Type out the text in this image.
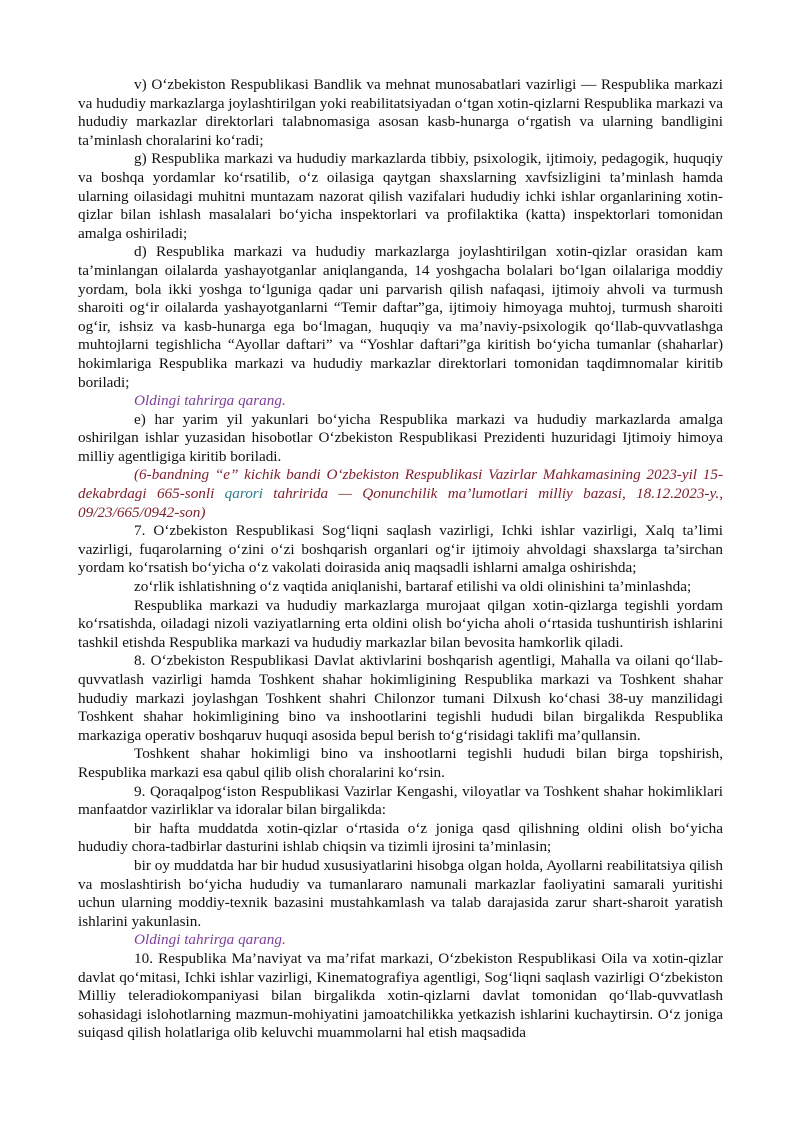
v) O‘zbekiston Respublikasi Bandlik va mehnat munosabatlari vazirligi — Respublika markazi va hududiy markazlarga joylashtirilgan yoki reabilitatsiyadan o‘tgan xotin-qizlarni Respublika markazi va hududiy markazlar direktorlari talabnomasiga asosan kasb-hunarga o‘rgatish va ularning bandligini ta’minlash choralarini ko‘radi;

g) Respublika markazi va hududiy markazlarda tibbiy, psixologik, ijtimoiy, pedagogik, huquqiy va boshqa yordamlar ko‘rsatilib, o‘z oilasiga qaytgan shaxslarning xavfsizligini ta’minlash hamda ularning oilasidagi muhitni muntazam nazorat qilish vazifalari hududiy ichki ishlar organlarining xotin-qizlar bilan ishlash masalalari bo‘yicha inspektorlari va profilaktika (katta) inspektorlari tomonidan amalga oshiriladi;

d) Respublika markazi va hududiy markazlarga joylashtirilgan xotin-qizlar orasidan kam ta’minlangan oilalarda yashayotganlar aniqlanganda, 14 yoshgacha bolalari bo‘lgan oilalariga moddiy yordam, bola ikki yoshga to‘lguniga qadar uni parvarish qilish nafaqasi, ijtimoiy ahvoli va turmush sharoiti og‘ir oilalarda yashayotganlarni “Temir daftar”ga, ijtimoiy himoyaga muhtoj, turmush sharoiti og‘ir, ishsiz va kasb-hunarga ega bo‘lmagan, huquqiy va ma’naviy-psixologik qo‘llab-quvvatlashga muhtojlarni tegishlicha “Ayollar daftari” va “Yoshlar daftari”ga kiritish bo‘yicha tumanlar (shaharlar) hokimlariga Respublika markazi va hududiy markazlar direktorlari tomonidan taqdimnomalar kiritib boriladi;

Oldingi tahrirga qarang.

e) har yarim yil yakunlari bo‘yicha Respublika markazi va hududiy markazlarda amalga oshirilgan ishlar yuzasidan hisobotlar O‘zbekiston Respublikasi Prezidenti huzuridagi Ijtimoiy himoya milliy agentligiga kiritib boriladi.

(6-bandning “e” kichik bandi O‘zbekiston Respublikasi Vazirlar Mahkamasining 2023-yil 15-dekabrdagi 665-sonli qarori tahririda — Qonunchilik ma’lumotlari milliy bazasi, 18.12.2023-y., 09/23/665/0942-son)

7. O‘zbekiston Respublikasi Sog‘liqni saqlash vazirligi, Ichki ishlar vazirligi, Xalq ta’limi vazirligi, fuqarolarning o‘zini o‘zi boshqarish organlari og‘ir ijtimoiy ahvoldagi shaxslarga ta’sirchan yordam ko‘rsatish bo‘yicha o‘z vakolati doirasida aniq maqsadli ishlarni amalga oshirishda;

zo‘rlik ishlatishning o‘z vaqtida aniqlanishi, bartaraf etilishi va oldi olinishini ta’minlashda;

Respublika markazi va hududiy markazlarga murojaat qilgan xotin-qizlarga tegishli yordam ko‘rsatishda, oiladagi nizoli vaziyatlarning erta oldini olish bo‘yicha aholi o‘rtasida tushuntirish ishlarini tashkil etishda Respublika markazi va hududiy markazlar bilan bevosita hamkorlik qiladi.

8. O‘zbekiston Respublikasi Davlat aktivlarini boshqarish agentligi, Mahalla va oilani qo‘llab-quvvatlash vazirligi hamda Toshkent shahar hokimligining Respublika markazi va Toshkent shahar hududiy markazi joylashgan Toshkent shahri Chilonzor tumani Dilxush ko‘chasi 38-uy manzilidagi Toshkent shahar hokimligining bino va inshootlarini tegishli hududi bilan birgalikda Respublika markaziga operativ boshqaruv huquqi asosida bepul berish to‘g‘risidagi taklifi ma’qullansin.

Toshkent shahar hokimligi bino va inshootlarni tegishli hududi bilan birga topshirish, Respublika markazi esa qabul qilib olish choralarini ko‘rsin.

9. Qoraqalpog‘iston Respublikasi Vazirlar Kengashi, viloyatlar va Toshkent shahar hokimliklari manfaatdor vazirliklar va idoralar bilan birgalikda:

bir hafta muddatda xotin-qizlar o‘rtasida o‘z joniga qasd qilishning oldini olish bo‘yicha hududiy chora-tadbirlar dasturini ishlab chiqsin va tizimli ijrosini ta’minlasin;

bir oy muddatda har bir hudud xususiyatlarini hisobga olgan holda, Ayollarni reabilitatsiya qilish va moslashtirish bo‘yicha hududiy va tumanlararo namunali markazlar faoliyatini samarali yuritishi uchun ularning moddiy-texnik bazasini mustahkamlash va talab darajasida zarur shart-sharoit yaratish ishlarini yakunlasin.

Oldingi tahrirga qarang.

10. Respublika Ma’naviyat va ma’rifat markazi, O‘zbekiston Respublikasi Oila va xotin-qizlar davlat qo‘mitasi, Ichki ishlar vazirligi, Kinematografiya agentligi, Sog‘liqni saqlash vazirligi O‘zbekiston Milliy teleradiokompaniyasi bilan birgalikda xotin-qizlarni davlat tomonidan qo‘llab-quvvatlash sohasidagi islohotlarning mazmun-mohiyatini jamoatchilikka yetkazish ishlarini kuchaytirsin. O‘z joniga suiqasd qilish holatlariga olib keluvchi muammolarni hal etish maqsadida
